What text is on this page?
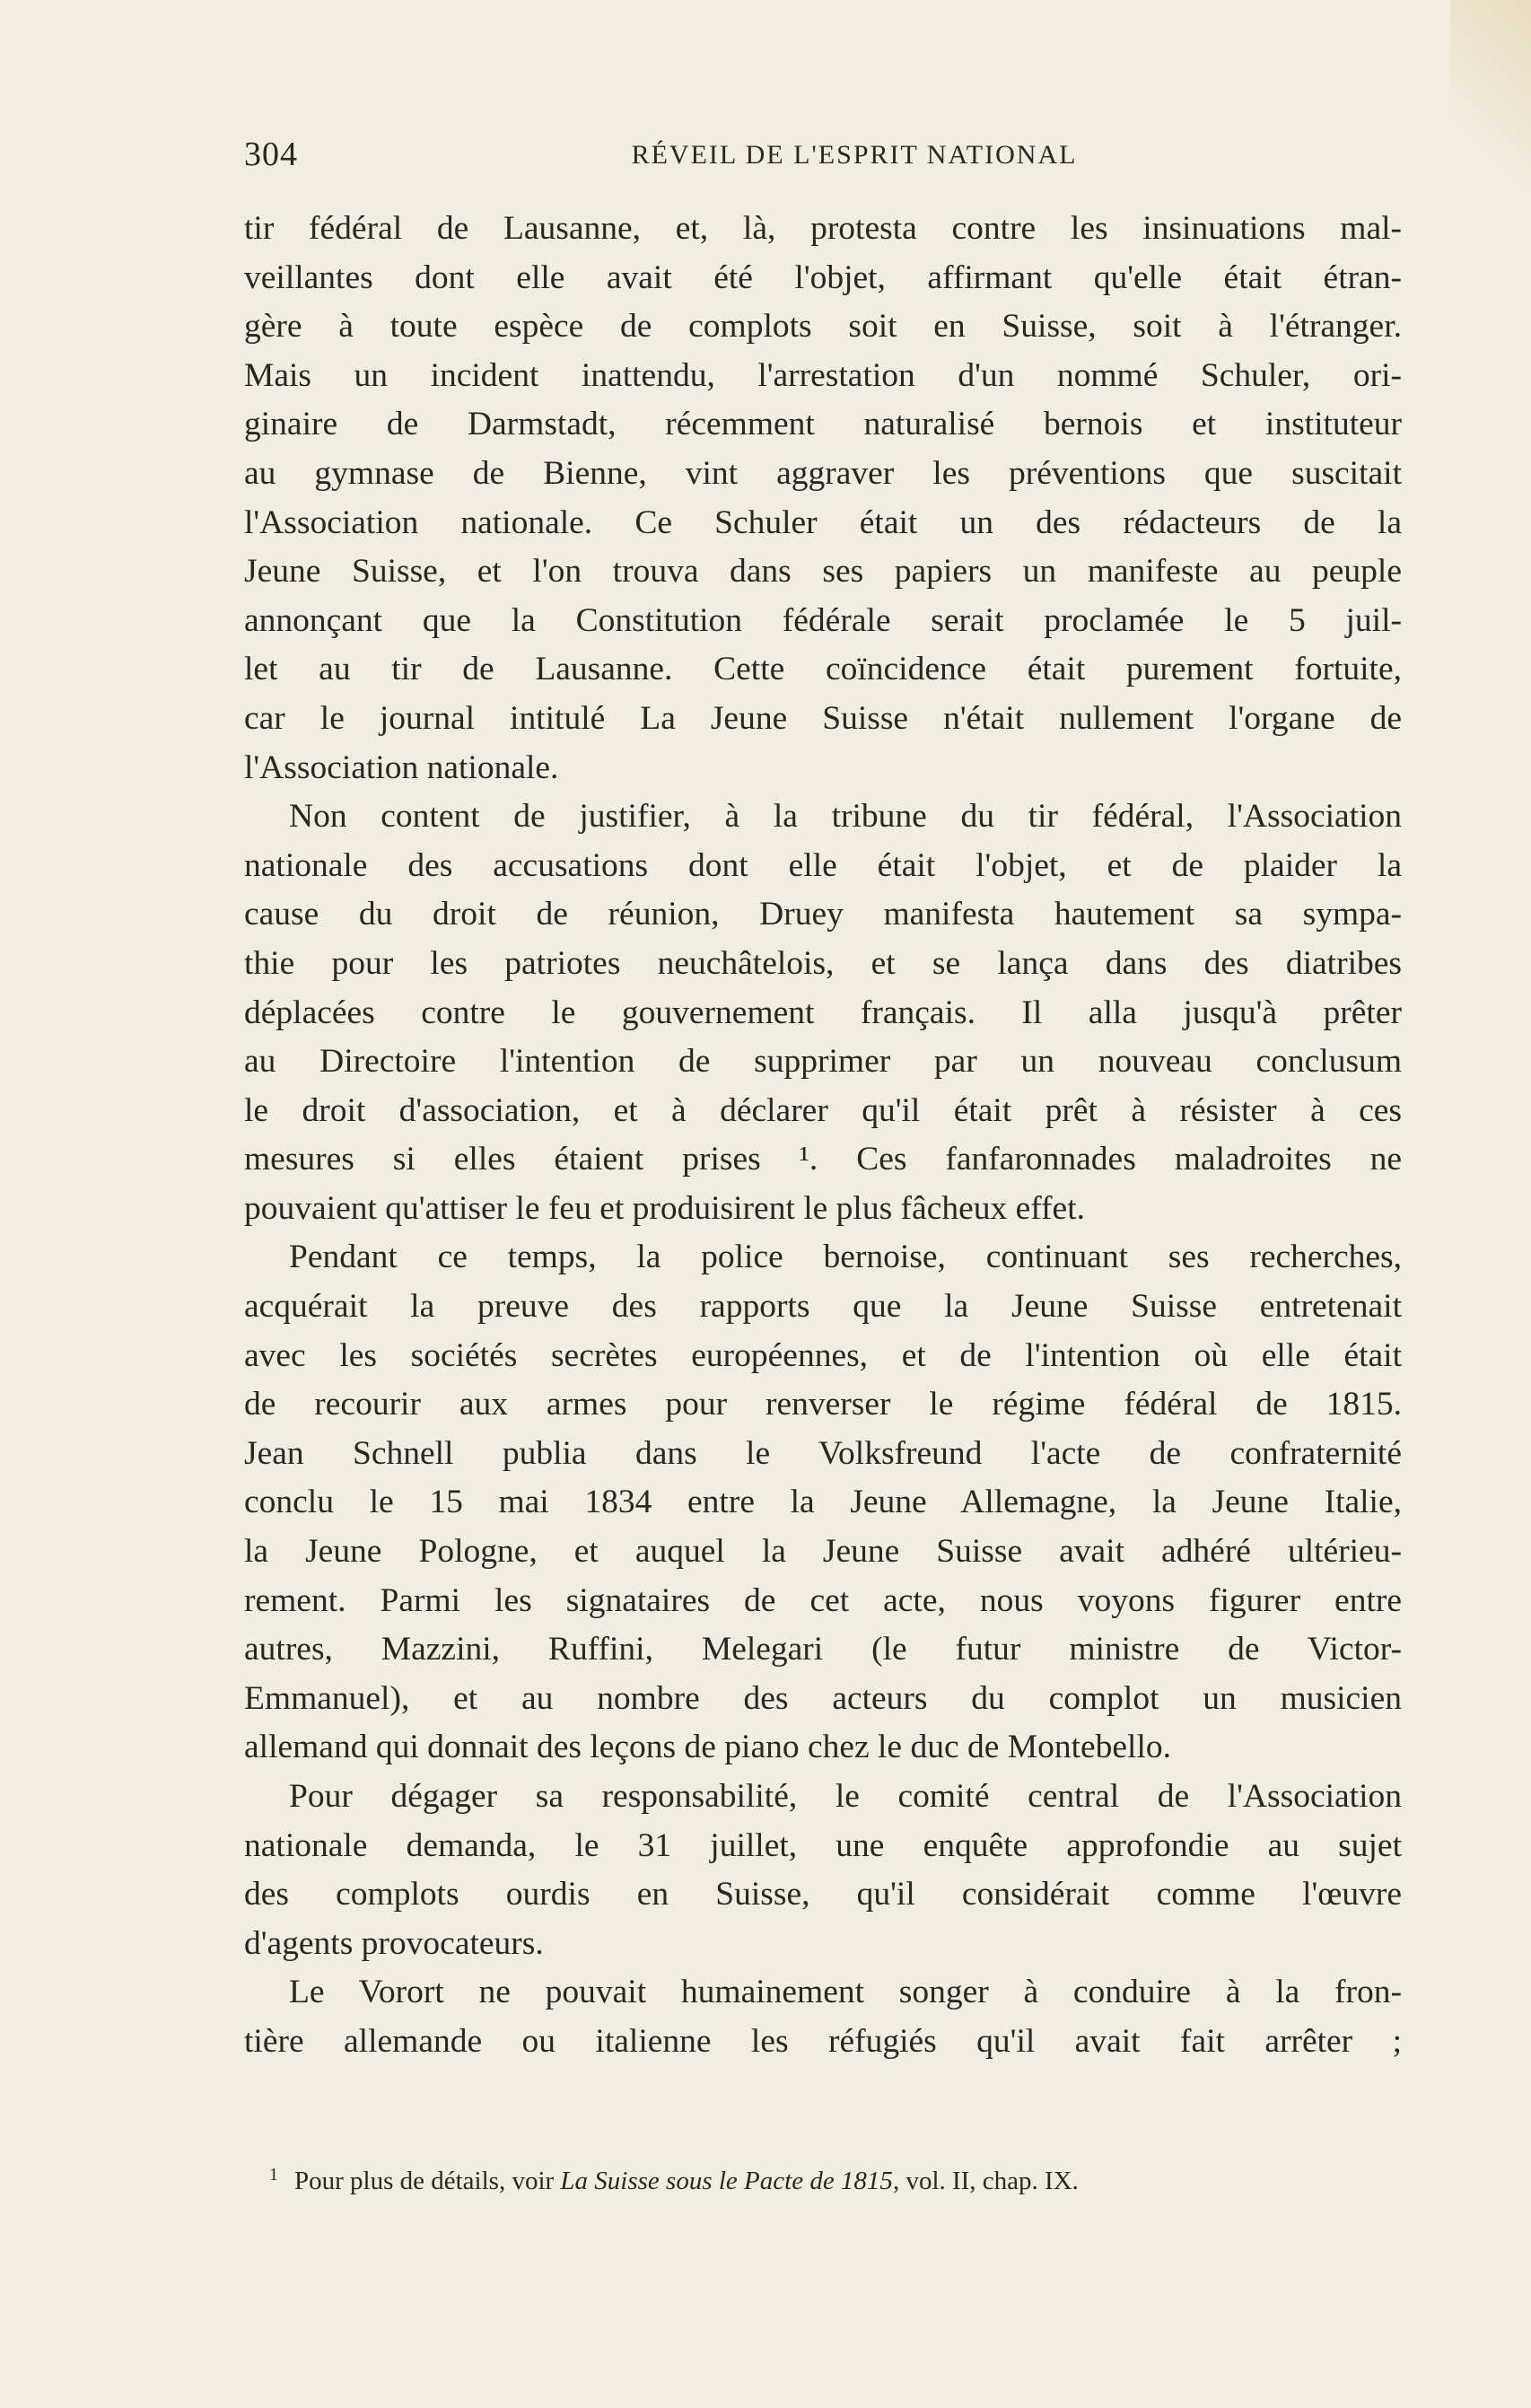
304	RÉVEIL DE L'ESPRIT NATIONAL
tir fédéral de Lausanne, et, là, protesta contre les insinuations mal-
veillantes dont elle avait été l'objet, affirmant qu'elle était étran-
gère à toute espèce de complots soit en Suisse, soit à l'étranger.
Mais un incident inattendu, l'arrestation d'un nommé Schuler, ori-
ginaire de Darmstadt, récemment naturalisé bernois et instituteur
au gymnase de Bienne, vint aggraver les préventions que suscitait
l'Association nationale. Ce Schuler était un des rédacteurs de la
Jeune Suisse, et l'on trouva dans ses papiers un manifeste au peuple
annonçant que la Constitution fédérale serait proclamée le 5 juil-
let au tir de Lausanne. Cette coïncidence était purement fortuite,
car le journal intitulé La Jeune Suisse n'était nullement l'organe de
l'Association nationale.
Non content de justifier, à la tribune du tir fédéral, l'Association
nationale des accusations dont elle était l'objet, et de plaider la
cause du droit de réunion, Druey manifesta hautement sa sympa-
thie pour les patriotes neuchâtelois, et se lança dans des diatribes
déplacées contre le gouvernement français. Il alla jusqu'à prêter
au Directoire l'intention de supprimer par un nouveau conclusum
le droit d'association, et à déclarer qu'il était prêt à résister à ces
mesures si elles étaient prises ¹. Ces fanfaronnades maladroites ne
pouvaient qu'attiser le feu et produisirent le plus fâcheux effet.
Pendant ce temps, la police bernoise, continuant ses recherches,
acquérait la preuve des rapports que la Jeune Suisse entretenait
avec les sociétés secrètes européennes, et de l'intention où elle était
de recourir aux armes pour renverser le régime fédéral de 1815.
Jean Schnell publia dans le Volksfreund l'acte de confraternité
conclu le 15 mai 1834 entre la Jeune Allemagne, la Jeune Italie,
la Jeune Pologne, et auquel la Jeune Suisse avait adhéré ultérieu-
rement. Parmi les signataires de cet acte, nous voyons figurer entre
autres, Mazzini, Ruffini, Melegari (le futur ministre de Victor-
Emmanuel), et au nombre des acteurs du complot un musicien
allemand qui donnait des leçons de piano chez le duc de Montebello.
Pour dégager sa responsabilité, le comité central de l'Association
nationale demanda, le 31 juillet, une enquête approfondie au sujet
des complots ourdis en Suisse, qu'il considérait comme l'œuvre
d'agents provocateurs.
Le Vorort ne pouvait humainement songer à conduire à la fron-
tière allemande ou italienne les réfugiés qu'il avait fait arrêter ;
$^1$ Pour plus de détails, voir La Suisse sous le Pacte de 1815, vol. II, chap. IX.
